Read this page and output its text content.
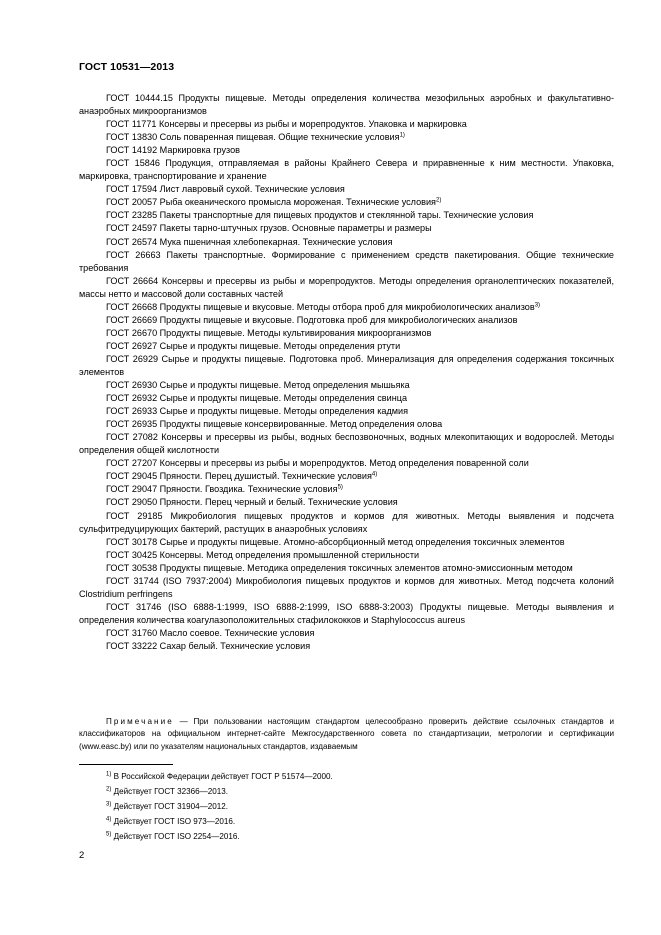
ГОСТ 10531—2013

ГОСТ 10444.15 Продукты пищевые. Методы определения количества мезофильных аэробных и факультативно-анаэробных микроорганизмов

ГОСТ 11771 Консервы и пресервы из рыбы и морепродуктов. Упаковка и маркировка

ГОСТ 13830 Соль поваренная пищевая. Общие технические условия$^{1)}$

ГОСТ 14192 Маркировка грузов

ГОСТ 15846 Продукция, отправляемая в районы Крайнего Севера и приравненные к ним местности. Упаковка, маркировка, транспортирование и хранение

ГОСТ 17594 Лист лавровый сухой. Технические условия

ГОСТ 20057 Рыба океанического промысла мороженая. Технические условия$^{2)}$

ГОСТ 23285 Пакеты транспортные для пищевых продуктов и стеклянной тары. Технические условия

ГОСТ 24597 Пакеты тарно-штучных грузов. Основные параметры и размеры

ГОСТ 26574 Мука пшеничная хлебопекарная. Технические условия

ГОСТ 26663 Пакеты транспортные. Формирование с применением средств пакетирования. Общие технические требования

ГОСТ 26664 Консервы и пресервы из рыбы и морепродуктов. Методы определения органолептических показателей, массы нетто и массовой доли составных частей

ГОСТ 26668 Продукты пищевые и вкусовые. Методы отбора проб для микробиологических анализов$^{3)}$

ГОСТ 26669 Продукты пищевые и вкусовые. Подготовка проб для микробиологических анализов

ГОСТ 26670 Продукты пищевые. Методы культивирования микроорганизмов

ГОСТ 26927 Сырье и продукты пищевые. Методы определения ртути

ГОСТ 26929 Сырье и продукты пищевые. Подготовка проб. Минерализация для определения содержания токсичных элементов

ГОСТ 26930 Сырье и продукты пищевые. Метод определения мышьяка

ГОСТ 26932 Сырье и продукты пищевые. Методы определения свинца

ГОСТ 26933 Сырье и продукты пищевые. Методы определения кадмия

ГОСТ 26935 Продукты пищевые консервированные. Метод определения олова

ГОСТ 27082 Консервы и пресервы из рыбы, водных беспозвоночных, водных млекопитающих и водорослей. Методы определения общей кислотности

ГОСТ 27207 Консервы и пресервы из рыбы и морепродуктов. Метод определения поваренной соли

ГОСТ 29045 Пряности. Перец душистый. Технические условия$^{4)}$

ГОСТ 29047 Пряности. Гвоздика. Технические условия$^{5)}$

ГОСТ 29050 Пряности. Перец черный и белый. Технические условия

ГОСТ 29185 Микробиология пищевых продуктов и кормов для животных. Методы выявления и подсчета сульфитредуцирующих бактерий, растущих в анаэробных условиях

ГОСТ 30178 Сырье и продукты пищевые. Атомно-абсорбционный метод определения токсичных элементов

ГОСТ 30425 Консервы. Метод определения промышленной стерильности

ГОСТ 30538 Продукты пищевые. Методика определения токсичных элементов атомно-эмиссионным методом

ГОСТ 31744 (ISO 7937:2004) Микробиология пищевых продуктов и кормов для животных. Метод подсчета колоний Clostridium perfringens

ГОСТ 31746 (ISO 6888-1:1999, ISO 6888-2:1999, ISO 6888-3:2003) Продукты пищевые. Методы выявления и определения количества коагулазоположительных стафилококков и Staphylococcus aureus

ГОСТ 31760 Масло соевое. Технические условия

ГОСТ 33222 Сахар белый. Технические условия

Примечание — При пользовании настоящим стандартом целесообразно проверить действие ссылочных стандартов и классификаторов на официальном интернет-сайте Межгосударственного совета по стандартизации, метрологии и сертификации (www.easc.by) или по указателям национальных стандартов, издаваемым
$^{1)}$ В Российской Федерации действует ГОСТ Р 51574—2000.
$^{2)}$ Действует ГОСТ 32366—2013.
$^{3)}$ Действует ГОСТ 31904—2012.
$^{4)}$ Действует ГОСТ ISO 973—2016.
$^{5)}$ Действует ГОСТ ISO 2254—2016.
2
